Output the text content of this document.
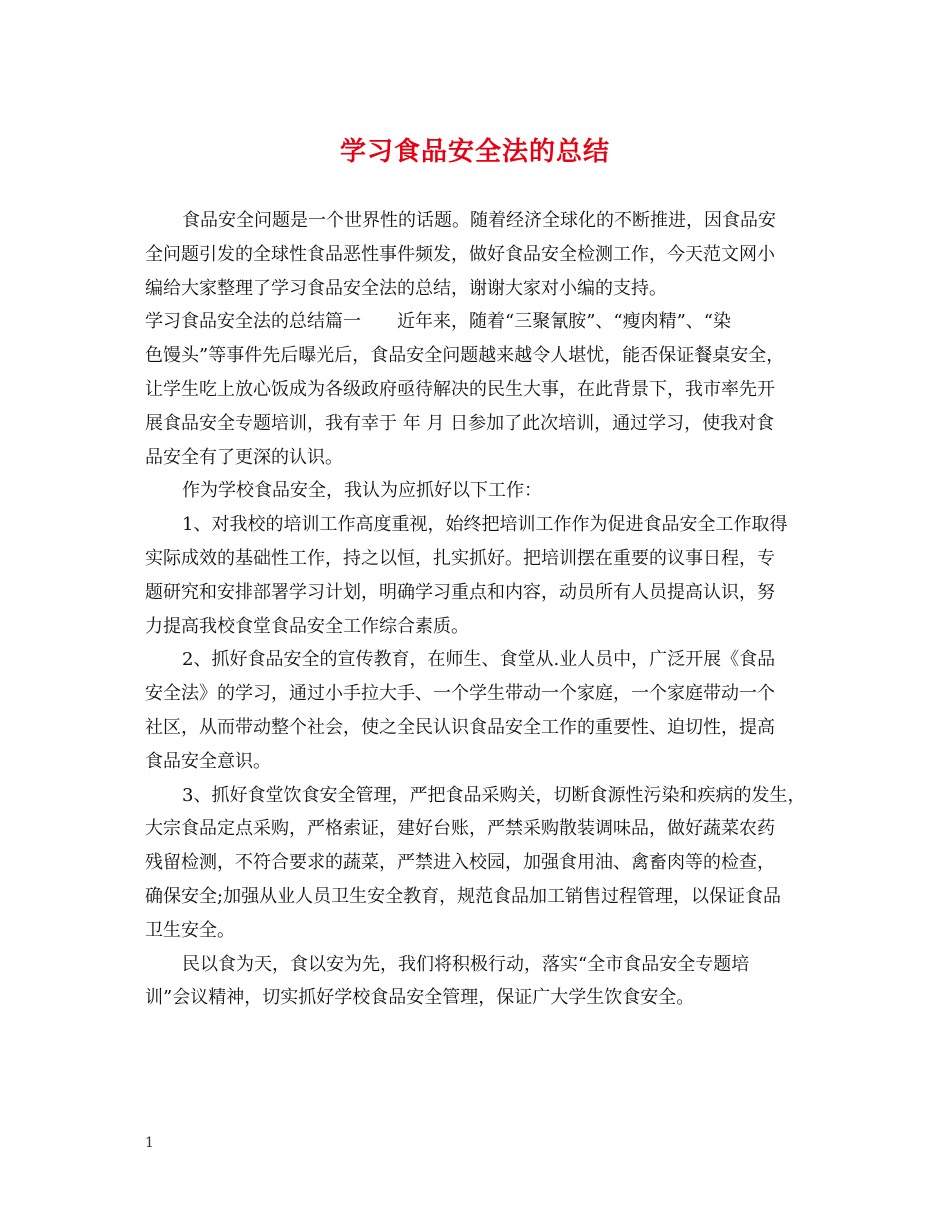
学习食品安全法的总结
食品安全问题是一个世界性的话题。随着经济全球化的不断推进，因食品安
全问题引发的全球性食品恶性事件频发，做好食品安全检测工作，今天范文网小
编给大家整理了学习食品安全法的总结，谢谢大家对小编的支持。
学习食品安全法的总结篇一　　近年来，随着“三聚氰胺”、“瘦肉精”、“染
色馒头”等事件先后曝光后，食品安全问题越来越令人堪忧，能否保证餐桌安全，
让学生吃上放心饭成为各级政府亟待解决的民生大事，在此背景下，我市率先开
展食品安全专题培训，我有幸于 年 月 日参加了此次培训，通过学习，使我对食
品安全有了更深的认识。
作为学校食品安全，我认为应抓好以下工作：
1、对我校的培训工作高度重视，始终把培训工作作为促进食品安全工作取得
实际成效的基础性工作，持之以恒，扎实抓好。把培训摆在重要的议事日程，专
题研究和安排部署学习计划，明确学习重点和内容，动员所有人员提高认识，努
力提高我校食堂食品安全工作综合素质。
2、抓好食品安全的宣传教育，在师生、食堂从.业人员中，广泛开展《食品
安全法》的学习，通过小手拉大手、一个学生带动一个家庭，一个家庭带动一个
社区，从而带动整个社会，使之全民认识食品安全工作的重要性、迫切性，提高
食品安全意识。
3、抓好食堂饮食安全管理，严把食品采购关，切断食源性污染和疾病的发生，
大宗食品定点采购，严格索证，建好台账，严禁采购散装调味品，做好蔬菜农药
残留检测，不符合要求的蔬菜，严禁进入校园，加强食用油、禽畜肉等的检查，
确保安全;加强从业人员卫生安全教育，规范食品加工销售过程管理，以保证食品
卫生安全。
民以食为天，食以安为先，我们将积极行动，落实“全市食品安全专题培
训”会议精神，切实抓好学校食品安全管理，保证广大学生饮食安全。
1
